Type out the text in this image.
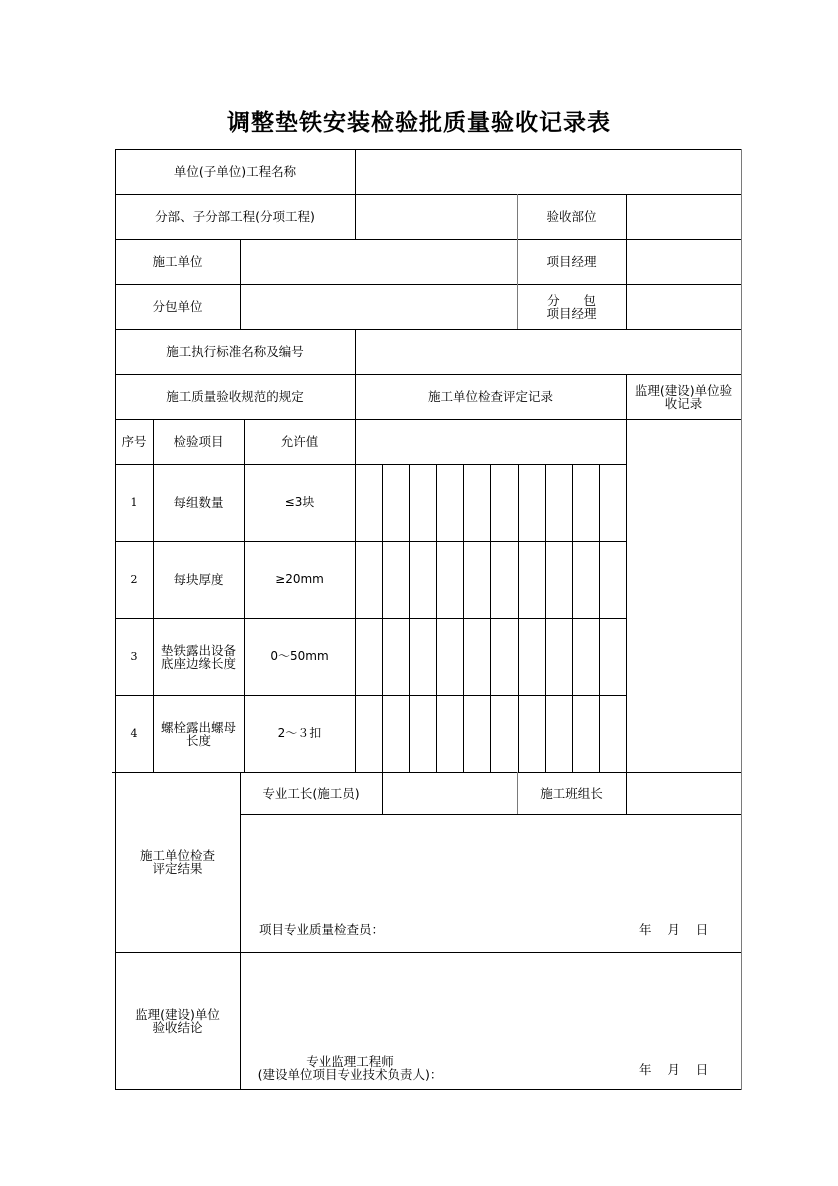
调整垫铁安装检验批质量验收记录表
单位(子单位)工程名称
分部、子分部工程(分项工程)	验收部位
施工单位	项目经理
分包单位	分      包
项目经理
施工执行标准名称及编号
施工质量验收规范的规定	施工单位检查评定记录	监理(建设)单位验
收记录
序号	检验项目	允许值
1	每组数量	≤3块
2	每块厚度	≥20mm
3	垫铁露出设备
底座边缘长度	0～50mm
4	螺栓露出螺母
长度	2～３扣
专业工长(施工员)	施工班组长
施工单位检查
评定结果
项目专业质量检查员：	年    月    日
监理(建设)单位
验收结论
专业监理工程师
(建设单位项目专业技术负责人)：	年    月    日
